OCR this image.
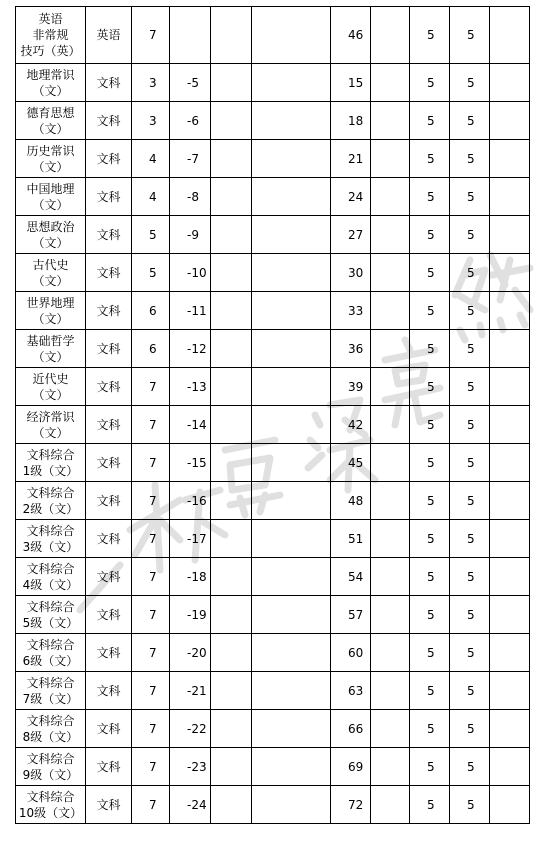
英语
非常规
技巧（英）	英语	7				46		5	5	
地理常识
（文）	文科	3	-5			15		5	5	
德育思想
（文）	文科	3	-6			18		5	5	
历史常识
（文）	文科	4	-7			21		5	5	
中国地理
（文）	文科	4	-8			24		5	5	
思想政治
（文）	文科	5	-9			27		5	5	
古代史
（文）	文科	5	-10			30		5	5	
世界地理
（文）	文科	6	-11			33		5	5	
基础哲学
（文）	文科	6	-12			36		5	5	
近代史
（文）	文科	7	-13			39		5	5	
经济常识
（文）	文科	7	-14			42		5	5	
文科综合
1级（文）	文科	7	-15			45		5	5	
文科综合
2级（文）	文科	7	-16			48		5	5	
文科综合
3级（文）	文科	7	-17			51		5	5	
文科综合
4级（文）	文科	7	-18			54		5	5	
文科综合
5级（文）	文科	7	-19			57		5	5	
文科综合
6级（文）	文科	7	-20			60		5	5	
文科综合
7级（文）	文科	7	-21			63		5	5	
文科综合
8级（文）	文科	7	-22			66		5	5	
文科综合
9级（文）	文科	7	-23			69		5	5	
文科综合
10级（文）	文科	7	-24			72		5	5	
